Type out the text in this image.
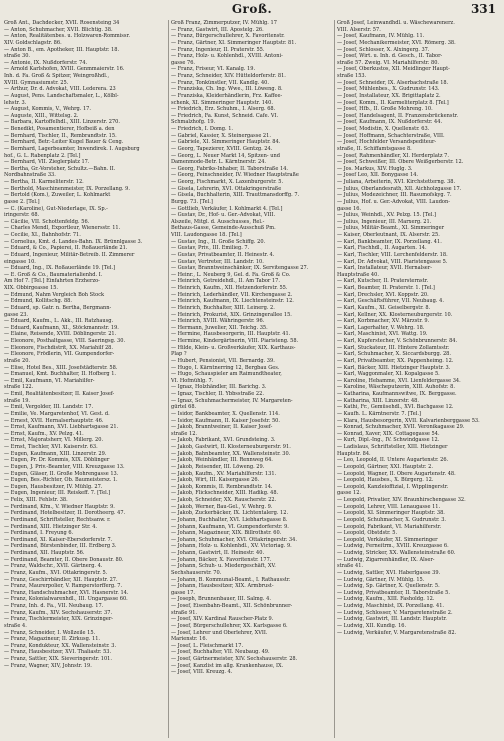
Groß.	331
Groß Ant., Dachdecker, XVII. Rosensteing 34
— Anton, Schuhmacher, XVII. Blichtig. 38.
— Anton, Realitätenbes. u. Holzwaren-Rommissr.
XIV. Goldschlagstr. 86.
— Anton B., em. Apotheker, III. Hauptstr. 18.
straße 30.
— Antonie, IX. Nußdorferstr. 74.
— Arnold Karlshofen, XVIII. Genmmaierstr. 16.
Inh. d. Fa. Groß & Spitzer, Weingroßhdl.,
XVIII. Gymnasiumstr. 25.
— Arthur, Dr. d. Advokat, VIII. Lederera. 23
— August, Pens. Landschaftsmaler, L., Kölbl-
lehstr. 3.
— August, Kommis, V., Wehrg. 17.
— Auguste, XIII., Wittelsg. 2.
— Barbara, Kartoffelhdl., XIII. Linzerstr. 270.
— Benedikt, Posamentierer, Hofbeiß a. den
— Bernhard, Tischler, II., Rembrandtstr. 15.
— Bernhard, Betr.-Leiter Kugel Bauer & Ceng.
— Bernhard, Lagerbeamter, Inwendirek. I. Augsburg
hof., G. L. Rabenplatz 2. [Tel.]
— Bernhard, VII. Zieglerplatz 17.
— Bertha, Gr.-Vorsteher, Schultz.—Bahn. II.
Nordbahnstraße 33.
— Bertha, II. Karmeliterstr. 12.
— Berthold, Maschinenmeister, IX. Porzellang. 9.
— Bertold (Kom.), Zuweiler, L. Kohlmarkt
gasse 2. [Tel.]
— C. (Karoline), Gut-Niederlage, IX. Sp.-
iringerstr. 68.
— Cäcilie, VII. Schottenfeldg. 56.
— Charles Mendl, Exportleur, Wienersstr. 11.
— Cecilie, XI., Bahnhofstr. 71.
— Cornelius, Kmt. d. Landes-Bahn. IX. Brünnlgasse 3.
— Eduard, & Co., Papierei, II. Roßauerlände 21.
— Eduard, Ingenieur, Militär-Betreib. II. Zimmerer
eingasse 10.
— Eduard, Ing., IX. Roßauerlände 19. [Tel.]
— E. Groß & Co., Baumaterialienhd. I.
Am Hof 7. [Tel.] Einfahrten Erzherzo-
XIX. Obbirgeasse 15.
— Edmund, Nahm Vergleich Boh Stock
— Edmund, Kollitschg. 88.
— Eduard, sp. Gatr. n. Bertha, Bergmann-
gasse 23.
— Eduard, Kaufm., L. Akk., III. Ratzhausg.
— Eduard, Kaufmann, XI., Stöckmannstr. 19.
— Elaine, Reisende, XVIII. Döblingerstr. 21.
— Eleonore, Posthaltgasse, VIII. Saeringsg. 30.
— Eleonore, Fischdistrit, XX. Mariahilf 28.
— Eleonore, Frödlerin, VII. Gumpendorfer-
straße 20.
— Elise, Hotel Bes., XIII. Josefstädterstr. 58.
— Emanuel, Kmt. Buchhalter, II. Hofberg 1.
— Emil, Kaufmann, VI. Mariahilfer-
straße 122.
— Emil, Realitätenbesitzer, II. Kaiser Josef-
straße 19.
— Emil, Vergolder, III. Landstr. 17.
— Emilie, Ve. Margaretenhof, VI. Gest. d.
— Ernest, XVII. Hernalserhauptstr. 46.
— Ernst, Kaufmann, XVI. Liebhartsgasse 21.
— Ernst, Kaufm., XV. Pelzg. 41.
— Ernst, Majoratsherr, VI. Millerg. 20.
— Ernst, Tischler, XVI. Kaiserstr. 63.
— Eugen, Kaufmann, XIII. Linzerstr. 29.
— Eugen, Pr. Dr. Kommis, XIX. Döblinger
— Eugen, J. Priv.-Beamter, VIII. Kreuzgasse 13.
— Eugen, Gläser, II. Große Mohrengasse 13.
— Eugen, Bes.-Richter, Ob. Baumeistersz. 1.
— Eugen, Hausbesitzer, IV. Mühlg. 27.
— Eugen, Ingenieur, III. Reiskeff. 7. [Tel.]
— Felix, XIII. Fehlstr. 38.
— Ferdinand, Kfm., V. Wiedner Hauptstr. 9.
— Ferdinand, Hotelbesitzer, II. Dorotheerg. 47.
— Ferdinand, Schriftsteller, Rechtsanw. r.
— Ferdinand, XIII. Hietzinger Str. 4.
— Ferdinand, I. Freyung 6.
— Ferdinand, XI. Kaiser-Ebersdorferstr. 7.
— Ferdinand, Bürstenbinder, III. Erdberg 3.
— Ferdinand, XII. Hauptstr. 56.
— Ferdinand, Beamter, II. Obere Donaustr. 80.
— Franz, Waldschr., XVII. Gärtnerg. 4.
— Franz, Kaufm., XVI. Ottakringerstr. 5.
— Franz, Geschirrbändler, XII. Hauptstr. 27.
— Franz, Maurerpolier, V. Ramperstorfferg. 7.
— Franz, Handschuhmacher, XVI. Hasnerstr. 14.
— Franz, Kolonialwarenhdl., III. Ungargasse 60.
— Franz, Inh. d. Fa., VII. Neubaug. 17.
— Franz, Kaufm., XIV. Sechshauserstr. 37.
— Franz, Tischlermeister, XIX. Grinzinger-
straße 4.
— Franz, Schneider, I. Wollzeile 15.
— Franz, Magazineur, II. Zirkusg. 11.
— Franz, Kondukteur, XX. Wallensteinstr. 3.
— Franz, Hausbesitzer, XVI. Thaliastr. 53.
— Franz, Sattler, XIX. Sieveringerstr. 101.
— Franz, Wagner, XIV, Johnstr. 19.
Groß Franz, Zimmerputzer, IV. Mühlg. 17
— Franz, Gastwirt, III. Apostelg. 26.
— Franz, Bürgerschullehrer, X. Favoritenstr.
— Franz, Gärtner, XI. Simmeringer Hauptstr. 81.
— Franz, Ingenieur, II. Praterstr. 55.
— Franz, Holz- u. Kohlenhdl., XVIII. Antoni-
gasse 76.
— Franz, Friseur, VI. Kanalg. 19.
— Franz, Schneider, XIV. Hütteldorferstr. 81.
— Franz, Tonkünstler, VII. Kandlg. 40.
— Franziska, Ch. Ing. Wwe., III. Löweng. 8.
— Franziska, Kleiderhändlerin, Frz. Kaffee-
schenk, XI. Simmeringer Hauptstr. 140.
— Friedrich, Erz. Schuhm., I. Alserg. 68.
— Friedrich, Fa. Kunst, Schneid. Cafe. VI.
Schmalzhofg. 19.
— Friedrich, I. Domg. 1.
— Gabriel, Kassier, X. Steinergasse 21.
— Gabriele, XI. Simmeringer Hauptstr. 84.
— Georg, Tapezierer, XVIII. Gentzg. 24.
— Georg, L. Neuer Markt 14, Spitzen- und
Damenmode-Betr. L. Kärntnerstr. 24.
— Georg, Fabriks-Inhaber, II. Taborstraße 14.
— Georg, Feinschneider, IV. Wiedner Hauptstraße
— Georg, Fischmarkt, X. Laxenburgerstr. 5.
— Gisela, Lehrerin, XVI. Ottakringerstraße
— Gisela, Buchhalterin, XIII. Trauttmansdorffg. 7.
Burgg. 73. [Tel.]
— Gottlieb, Verkäufer, I. Kohlmarkt 4. [Tel.]
— Gustav, Dr., Hof- u. Ger.-Advokat, VIII.
Alszeile, Mitgl. d. Ausschusses, Rel.-
Bethaus-Gasse, Gemeinde-Ausschuß Pm.
VIII. Laudongasse 18. [Tel.]
— Gustav, Ing., II. Große Schiffg. 20.
— Gustav, Priv., III. Emilieg. 7.
— Gustav, Privatbeamter, II. Heinestr. 4.
— Gustav, Vertreter, III. Landstr. 10.
— Gustav, Branntweinschänker, IX. Servitengasse 27.
— Heinr., L. Neuberg 9, Gel. d. Fa. Groß & Co.
— Heinrich, Getreidehdl., II. Am Tabor 17.
— Heinrich, Kaufm., XII. Hetzendorferstr. 55.
— Heinrich, Lederhändler, VII. Kirchengasse 2.
— Heinrich, Kaufmann, IX. Liechtensteinstr. 12.
— Heinrich, Buchhalter, XIII. Leinerg. 2.
— Heinrich, Prokurist, XIX. Grinzingerallee 15.
— Heinrich, XVIII. Währingerstr. 96.
— Hermann, Juwelier, XII. Teichg. 35.
— Hermine, Hausbesorgerin, III. Hauptstr. 41.
— Hermine, Kindergärtnerin, VIII. Piaristeng. 58.
— Hilde, Klein- u. Großverkäufer, XIX. Karthaus-
Plap ?
— Hubert, Pensionist, VII. Bernardg. 39.
— Hugo, I. Kärntnerring 12, Bergbau Ges.
— Hugo, Schauspieler am Raimundtheater,
VI. Hofmühlg. 7.
— Ignaz, Holzhändler, III. Barichg. 3.
— Ignaz, Tischler, II. Ybbsstraße 22.
— Ignaz, Schuhmachermeister, IV. Margareten-
gürtel 68.
— Isidor, Bankbeamter, X. Quellenstr. 114.
— Isidor, Kaufmann, II. Kaiser Josefstr. 50.
— Jakob, Branntweiner, II. Kaiser Josef-
straße 12.
— Jakob, Fabrikant, XVI. Grundsteing. 3.
— Jakob, Gastwirt, II. Klosterneuburgerstr. 91.
— Jakob, Bahnbeamter, XX. Wallensteinstr. 30.
— Jakob, Weinhändler, III. Rennweg 64.
— Jakob, Reisender, III. Löweng. 29.
— Jakob, Kaufm., XV. Mariahilferstr. 131.
— Jakob, Wirt, III. Kaisergasse 26.
— Jakob, Kommis, II. Rembrandtstr. 14.
— Jakob, Flickschneider, XIII. Hadikg. 48.
— Jakob, Schneider, XX. Rauscherstr. 22.
— Jakob, Werner, Bau-Gel., V. Wehrg. 9.
— Jakob, Zuckerbäcker, IX. Lichtentalerg. 12.
— Johann, Buchhalter, XVI. Liebhartsgasse 8.
— Johann, Kaufmann, VI. Gumpendorferstr. 9.
— Johann, Magazineur, XIX. Billrothstr. 60.
— Johann, Schuhmacher, XVI. Ottakringerstr. 34.
— Johann, Holz- u. Kohlenhdl., XV. Victoriag. 9.
— Johann, Gastwirt, II. Heinestr. 40.
— Johann, Bäcker, X. Favoritenstr. 177.
— Johann, Schuh- u. Miedergeschäft, XV.
Sechshauserstr. 70.
— Johann, B. Kommunal-Beamt., I. Rathausstr.
— Johann, Hausbesitzer, XIX. Armbrust-
gasse 17.
— Joseph, Brunnenbauer, III. Salmg. 4.
— Josef, Eisenbahn-Beamt., XII. Schönbrunner-
straße 91.
— Josef, XIV. Kardinal Rauscher-Platz 9.
— Josef, Bürgerschullehrer, XX. Karlsgasse 6.
— Josef, Lehrer und Oberlehrer, XVII.
Marienstr. 16.
— Josef, L. Fleischmarkt 17.
— Josef, Buchhalter, VII. Neubaug. 49.
— Josef, Gärtnermeister, XIV. Sechshauserstr. 28.
— Josef, Kanzlist im allg. Krankenhause, IX.
— Josef, VIII. Kreuzg. 4.
Groß Josef, Leinwandhdl. u. Wäschewarenerz.
VIII. Alserstr. 57.
— Josef, Kaufmann, IV. Mühlg. 11.
— Josef, Mechanikermeister, XVI. Römerg. 38.
— Josef, Schlosser, X. Alxingerg. 37.
— Josef, Wirt. u. Inh. d. Gesch., II. Tabor-
straße 57. Zweig. VI. Mariahilferstr. 80.
— Josef, Oberkustos, XII. Meidlinger Haupt-
straße 153.
— Josef, Schneider, IX. Alserbachstraße 18.
— Josef, Mühlenbes., X. Gudrunstr. 143.
— Josef, Installateur, XX. Brigittaplatz 2.
— Josef, Komm., II. Karmeliterplatz 8. [Tel.]
— Josef, Hfb., II. Große Mohreng. 10.
— Josef, Handelsagent, II. Franzensbrückenstr.
— Josef, Kaufmann, IX. Nußdorferstr. 44.
— Josef, Modistin, X. Quellenstr. 63.
— Josef, Hoffmann, Schachterstraße, VIII.
— Josef, Hochfelder Versandspediteur-
straße, II. Schiffamtsgasse 8.
— Josef, Rahmenhändler, XI. Herderplatz 7.
— Josef, Schweißer, III. Obere Weißgerberstr. 12.
— Jos. Markus, XIV. Huglg. 3.
— Josef Leo, XII. Bonygasse 14.
— Juliana, Arbeiterin, XVI. Kirchstetterng. 38.
— Julius, Oberlandesrath, XII. Aichholzgasse 17.
— Julius, Modezeichner, III. Rasumofskyg. 7.
— Julius, Hof. u. Ger.-Advokat, VIII. Laudon-
gasse 16.
— Julius, Weinhdl., XV. Pelzg. 15. [Tel.]
— Julius, Ingenieur, III. Marxerg. 21.
— Julius, Militär-Beamt., XI. Simmeringer
— Kaiser, Oberleutnant, IX. Alserstr. 25.
— Karl, Bankbeamter, IX. Porzellang. 41.
— Karl, Fischhdl., II. Augarten. 14.
— Karl, Tischler, VIII. Lerchenfelderstr. 18.
— Karl, Dr. Advokat, VIII. Piaristengasse 5.
— Karl, Installateur, XVII. Hernalser-
Hauptstraße 40.
— Karl, Kutscher, II. Pratersternstr.
— Karl, Beamter, II. Praterstr. 1. [Tel.]
— Karl, Drechsler, XVI. Koppstr. 20.
— Karl, Geschäftsführer, VII. Neubaug. 4.
— Karl, Kaufm., XI. Geiselbergstr. 8.
— Karl, Kellner, XX. Klosterneuburgerstr. 10.
— Karl, Korbmacher, XV. Märzstr. 9.
— Karl, Lagerhalter, V. Wehrg. 18.
— Karl, Maschinist, XVI. Wattg. 19.
— Karl, Kupferstecher, V. Schönbrunnerstr. 84.
— Karl, Stuckateur, III. Hintere Zollamtsstr.
— Karl, Schuhmacher, X. Siccardsburgg. 28.
— Karl, Privatbeamter, XX. Pappenheimg. 12.
— Karl, Bäcker, XIII. Hietzinger Hauptstr. 3.
— Karl, Waggonmaler, XI. Kopalgasse 5.
— Karoline, Hebamme, XVI. Lienfeldergasse 34.
— Karoline, Wäscheputzerin, XIII. Auhofstr. 8.
— Katharina, Kaufmannswitwe, IX. Berggasse.
— Katharina, XIII. Linzerstr. 48.
— Kathi, Fr., Gemüsehdl., XVI. Bachgasse 12.
— Kaufh. L. Kärntnerstr. 7. [Tel.]
— Klara, Hausbesorgerin, XVII. Kalvarienberggasse 53.
— Konrad, Schuhmacher, XVII. Veronikagasse 29.
— Konrad, Xaver, XIX. Cottagegasse 54.
— Kurt, Dipl.-Ing., IV. Schwindgasse 12.
— Ladislaus, Schriftsteller, XIII. Hietzinger
Hauptstr. 84.
— Leo, Leopold, II. Untere Augartenstr. 26.
— Leopold, Gärtner, XXI. Hauptstr. 2.
— Leopold, Wagner, II. Obere Augartenstr. 48.
— Leopold, Hausbes., X. Bürgerg. 12.
— Leopold, Kanzleioffizial, I. Wipplingerstr.
gasse 12.
— Leopold, Privatier, XIV. Braunhirschengasse 32.
— Leopold, Lehrer, VIII. Lenaugasse 11.
— Leopold, XI. Simmeringer Hauptstr. 38.
— Leopold, Schuhmacher, X. Gudrunstr. 3.
— Leopold, Fabrikant, VI. Mariahilferstr.
— Leopold, Obstdstr. 5.
— Leopold, Verkäufer, XI. Simmeringer
— Ludwig, Ferneitrm., XVIII. Kreuzgasse 6.
— Ludwig, Stricker, XX. Wallensteinstraße 60.
— Ludwig, Zigarrenhändler, IX. Alser-
straße 41.
— Ludwig, Sattler, XVI. Haberlgasse 39.
— Ludwig, Gärtner, IV. Mühlg. 15.
— Ludwig, Sp. Gärtner, X. Quellenstr. 5.
— Ludwig, Privatbeamter, II. Taborstraße 5.
— Ludwig, Kaufm., XIII. Fasholdg. 12.
— Ludwig, Maschinist, IX. Porzellang. 41.
— Ludwig, Schlosser, V. Margaretenstraße 2.
— Ludwig, Gastwirt, III. Landstr. Hauptstr.
— Ludwig, XII. Kundig. 16.
— Ludwig, Verkäufer, V. Margaretenstraße 82.
